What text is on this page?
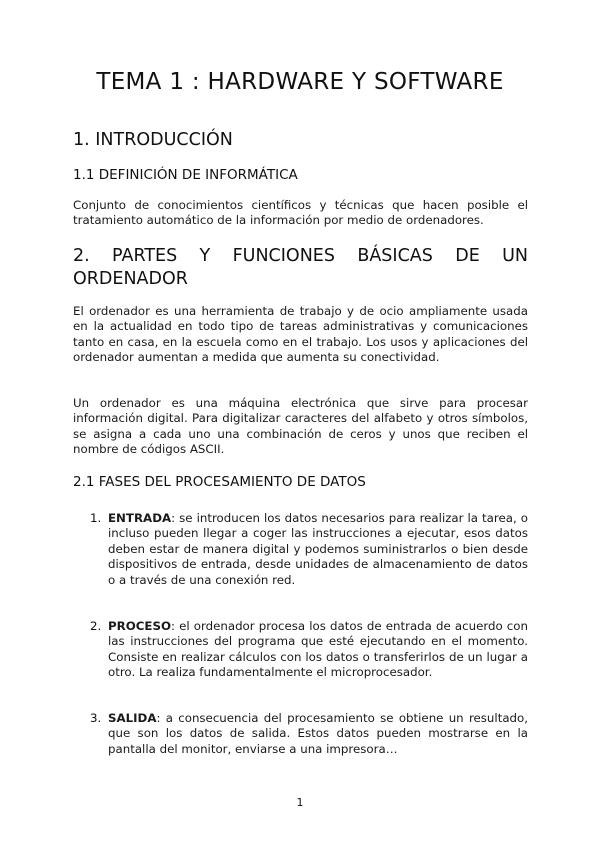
TEMA 1 : HARDWARE Y SOFTWARE
1. INTRODUCCIÓN
1.1 DEFINICIÓN DE INFORMÁTICA
Conjunto de conocimientos científicos y técnicas que hacen posible el tratamiento automático de la información por medio de ordenadores.
2. PARTES Y FUNCIONES BÁSICAS DE UN
ORDENADOR
El ordenador es una herramienta de trabajo y de ocio ampliamente usada en la actualidad en todo tipo de tareas administrativas y comunicaciones tanto en casa, en la escuela como en el trabajo. Los usos y aplicaciones del ordenador aumentan a medida que aumenta su conectividad.
Un ordenador es una máquina electrónica que sirve para procesar información digital. Para digitalizar caracteres del alfabeto y otros símbolos, se asigna a cada uno una combinación de ceros y unos que reciben el nombre de códigos ASCII.
2.1 FASES DEL PROCESAMIENTO DE DATOS
1. ENTRADA: se introducen los datos necesarios para realizar la tarea, o incluso pueden llegar a coger las instrucciones a ejecutar, esos datos deben estar de manera digital y podemos suministrarlos o bien desde dispositivos de entrada, desde unidades de almacenamiento de datos o a través de una conexión red.
2. PROCESO: el ordenador procesa los datos de entrada de acuerdo con las instrucciones del programa que esté ejecutando en el momento. Consiste en realizar cálculos con los datos o transferirlos de un lugar a otro. La realiza fundamentalmente el microprocesador.
3. SALIDA: a consecuencia del procesamiento se obtiene un resultado, que son los datos de salida. Estos datos pueden mostrarse en la pantalla del monitor, enviarse a una impresora…
1
